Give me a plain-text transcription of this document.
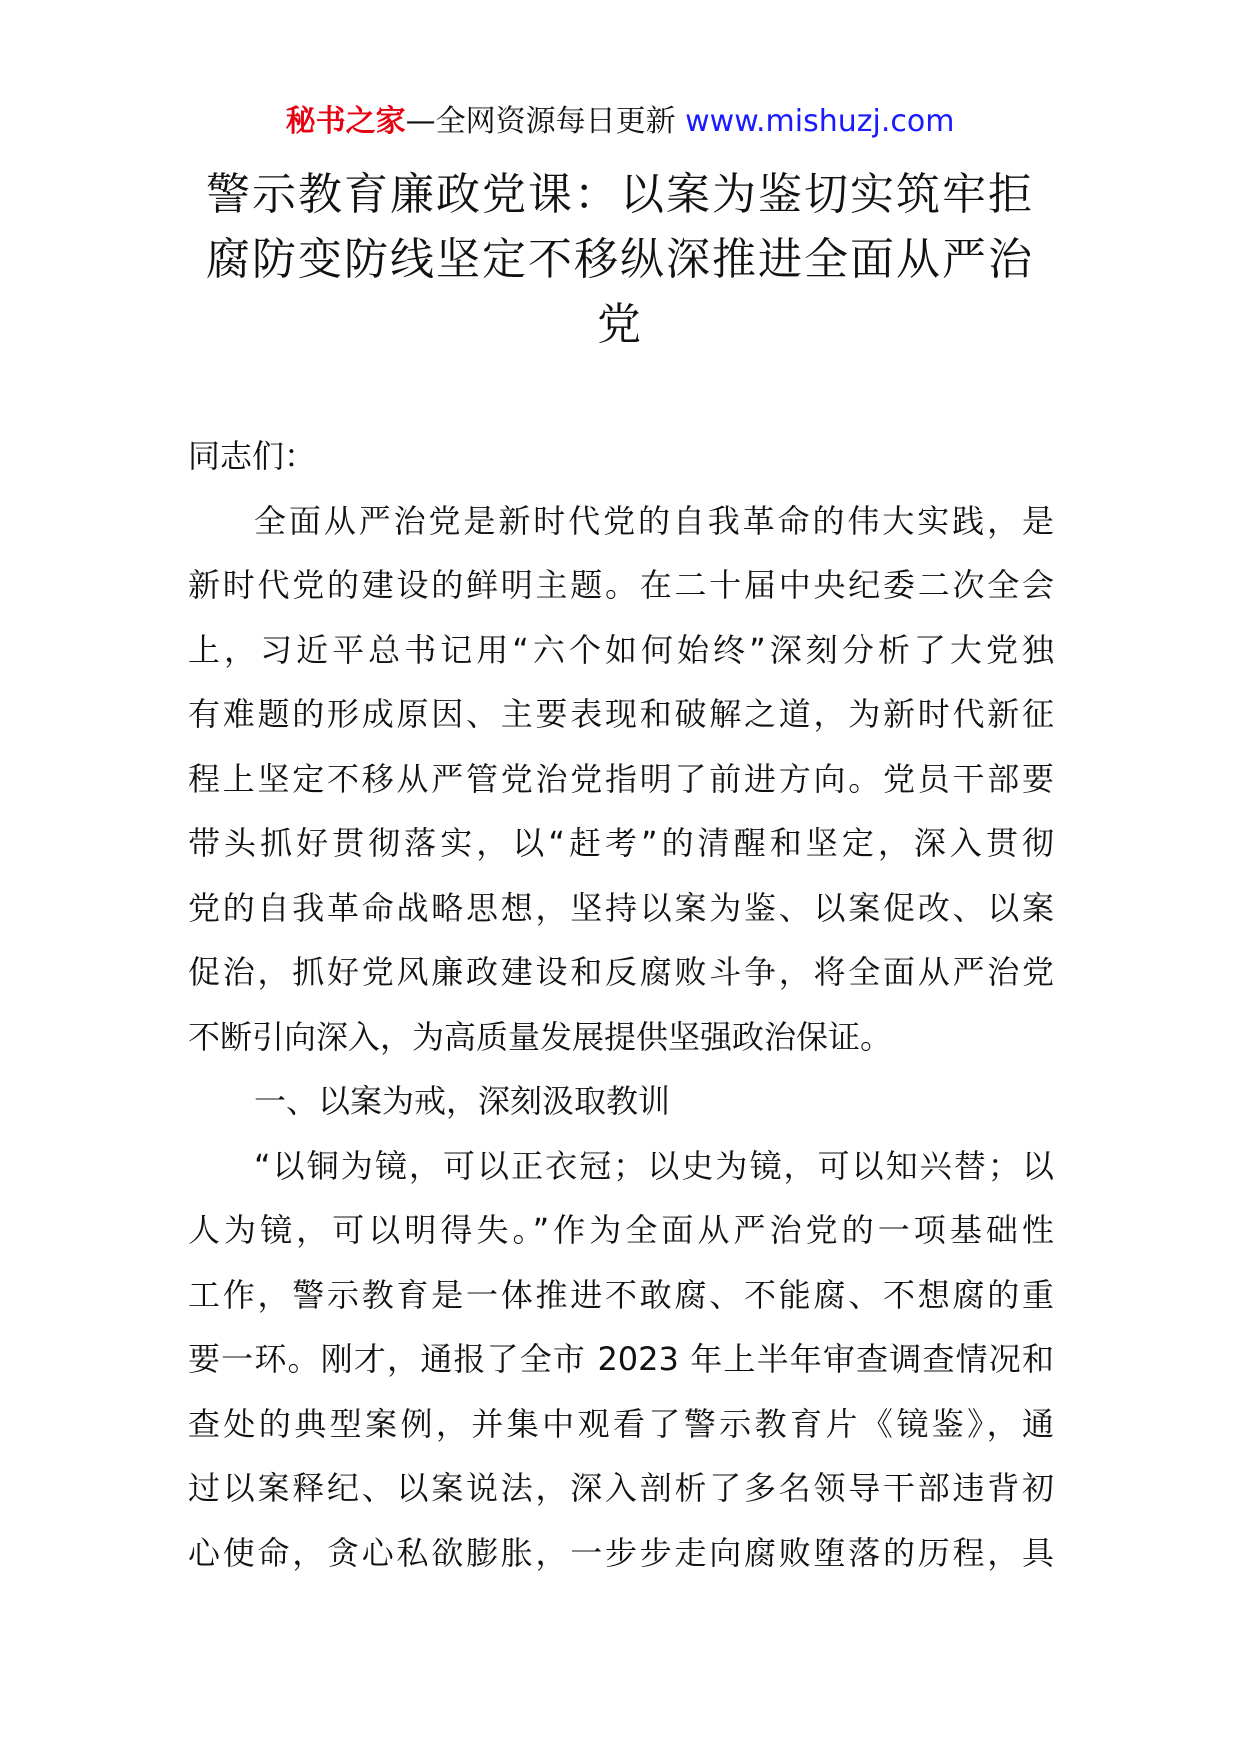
秘书之家—全网资源每日更新 www.mishuzj.com
警示教育廉政党课：以案为鉴切实筑牢拒
腐防变防线坚定不移纵深推进全面从严治
党
同志们：
全面从严治党是新时代党的自我革命的伟大实践，是
新时代党的建设的鲜明主题。在二十届中央纪委二次全会
上，习近平总书记用“六个如何始终”深刻分析了大党独
有难题的形成原因、主要表现和破解之道，为新时代新征
程上坚定不移从严管党治党指明了前进方向。党员干部要
带头抓好贯彻落实，以“赶考”的清醒和坚定，深入贯彻
党的自我革命战略思想，坚持以案为鉴、以案促改、以案
促治，抓好党风廉政建设和反腐败斗争，将全面从严治党
不断引向深入，为高质量发展提供坚强政治保证。
一、以案为戒，深刻汲取教训
“以铜为镜，可以正衣冠；以史为镜，可以知兴替；以
人为镜，可以明得失。”作为全面从严治党的一项基础性
工作，警示教育是一体推进不敢腐、不能腐、不想腐的重
要一环。刚才，通报了全市 2023 年上半年审查调查情况和
查处的典型案例，并集中观看了警示教育片《镜鉴》，通
过以案释纪、以案说法，深入剖析了多名领导干部违背初
心使命，贪心私欲膨胀，一步步走向腐败堕落的历程，具
